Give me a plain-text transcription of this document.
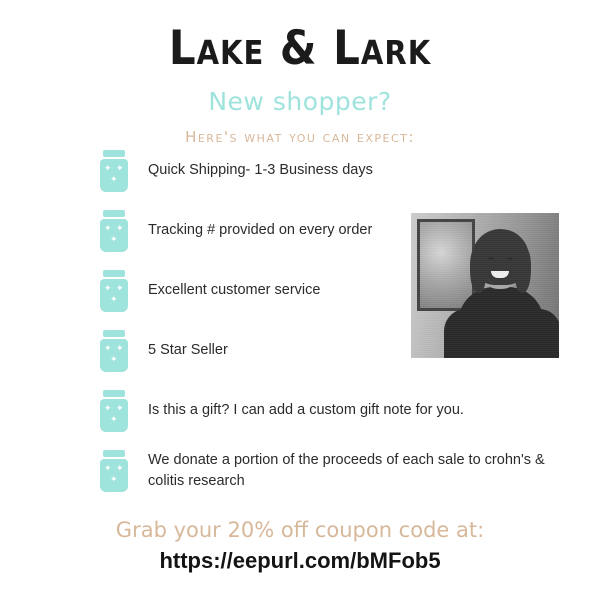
Lake & Lark
New shopper?
Here's what you can expect:
✦ ✦
✦
Quick Shipping- 1-3 Business days
✦ ✦
✦
Tracking # provided on every order
✦ ✦
✦
Excellent customer service
✦ ✦
✦
5 Star Seller
✦ ✦
✦
Is this a gift? I can add a custom gift note for you.
✦ ✦
✦
We donate a portion of the proceeds of each sale to crohn's & colitis research
Grab your 20% off coupon code at:
https://eepurl.com/bMFob5
